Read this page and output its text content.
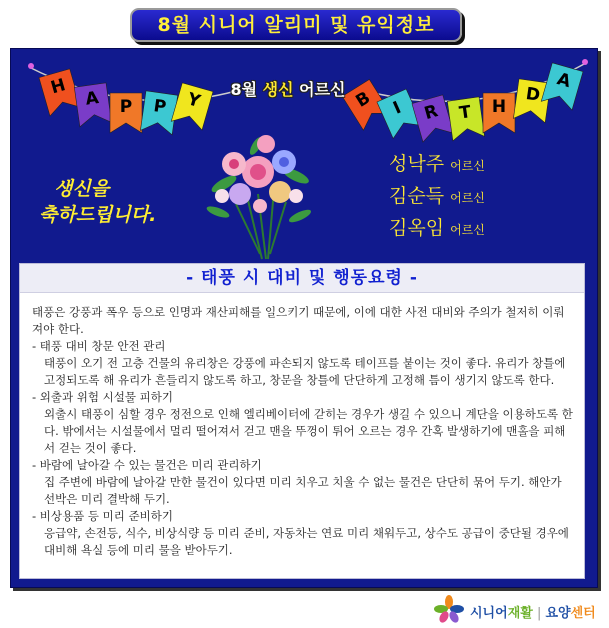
8월 시니어 알리미 및 유익정보
H
A P P Y	B I R T H
D
A
8월 생신 어르신
생신을
축하드립니다.
성낙주 어르신
김순득 어르신
김옥임 어르신
- 태풍 시 대비 및 행동요령 -

태풍은 강풍과 폭우 등으로 인명과 재산피해를 일으키기 때문에, 이에 대한 사전 대비와 주의가 철저히 이뤄져야 한다.

- 태풍 대비 창문 안전 관리

태풍이 오기 전 고층 건물의 유리창은 강풍에 파손되지 않도록 테이프를 붙이는 것이 좋다. 유리가 창틀에 고정되도록 해 유리가 흔들리지 않도록 하고, 창문을 창틀에 단단하게 고정해 틈이 생기지 않도록 한다.

- 외출과 위험 시설물 피하기

외출시 태풍이 심할 경우 정전으로 인해 엘리베이터에 갇히는 경우가 생길 수 있으니 계단을 이용하도록 한다. 밖에서는 시설물에서 멀리 떨어져서 걷고 맨을 뚜껑이 튀어 오르는 경우 간혹 발생하기에 맨홀을 피해서 걷는 것이 좋다.

- 바람에 날아갈 수 있는 물건은 미리 관리하기

집 주변에 바람에 날아갈 만한 물건이 있다면 미리 치우고 치울 수 없는 물건은 단단히 묶어 두기. 해안가 선박은 미리 결박해 두기.

- 비상용품 등 미리 준비하기

응급약, 손전등, 식수, 비상식량 등 미리 준비, 자동차는 연료 미리 채워두고, 상수도 공급이 중단될 경우에 대비해 욕실 등에 미리 물을 받아두기.

시니어재활 | 요양센터
